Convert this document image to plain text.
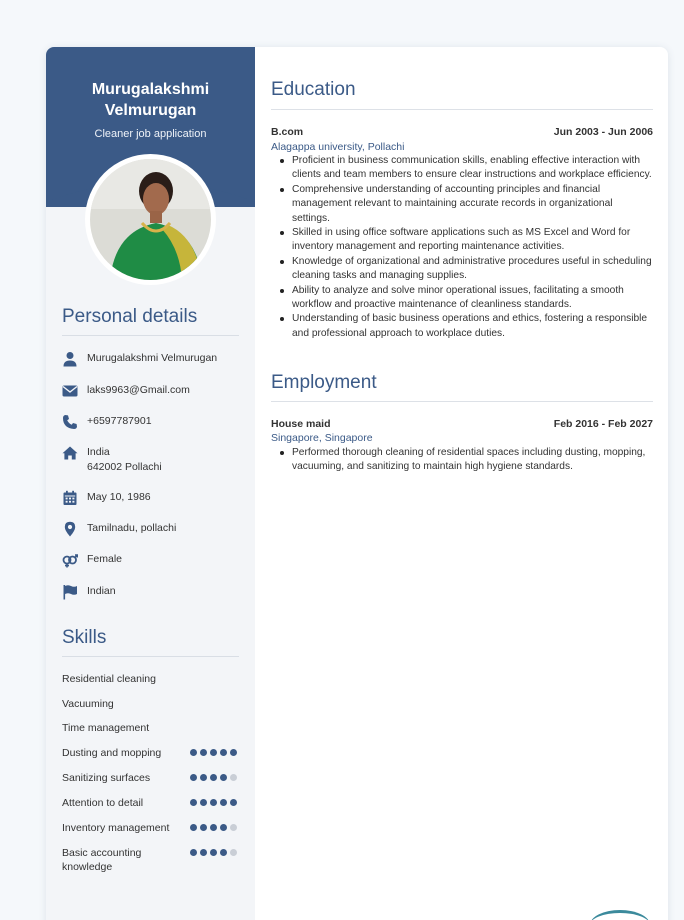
Murugalakshmi Velmurugan
Cleaner job application
Personal details
Murugalakshmi Velmurugan
laks9963@Gmail.com
+6597787901
India
642002 Pollachi
May 10, 1986
Tamilnadu, pollachi
Female
Indian
Skills
Residential cleaning
Vacuuming
Time management
Dusting and mopping
Sanitizing surfaces
Attention to detail
Inventory management
Basic accounting knowledge
Education
B.com	Jun 2003 - Jun 2006
Alagappa university, Pollachi
Proficient in business communication skills, enabling effective interaction with clients and team members to ensure clear instructions and workplace efficiency.
Comprehensive understanding of accounting principles and financial management relevant to maintaining accurate records in organizational settings.
Skilled in using office software applications such as MS Excel and Word for inventory management and reporting maintenance activities.
Knowledge of organizational and administrative procedures useful in scheduling cleaning tasks and managing supplies.
Ability to analyze and solve minor operational issues, facilitating a smooth workflow and proactive maintenance of cleanliness standards.
Understanding of basic business operations and ethics, fostering a responsible and professional approach to workplace duties.
Employment
House maid	Feb 2016 - Feb 2027
Singapore, Singapore
Performed thorough cleaning of residential spaces including dusting, mopping, vacuuming, and sanitizing to maintain high hygiene standards.
